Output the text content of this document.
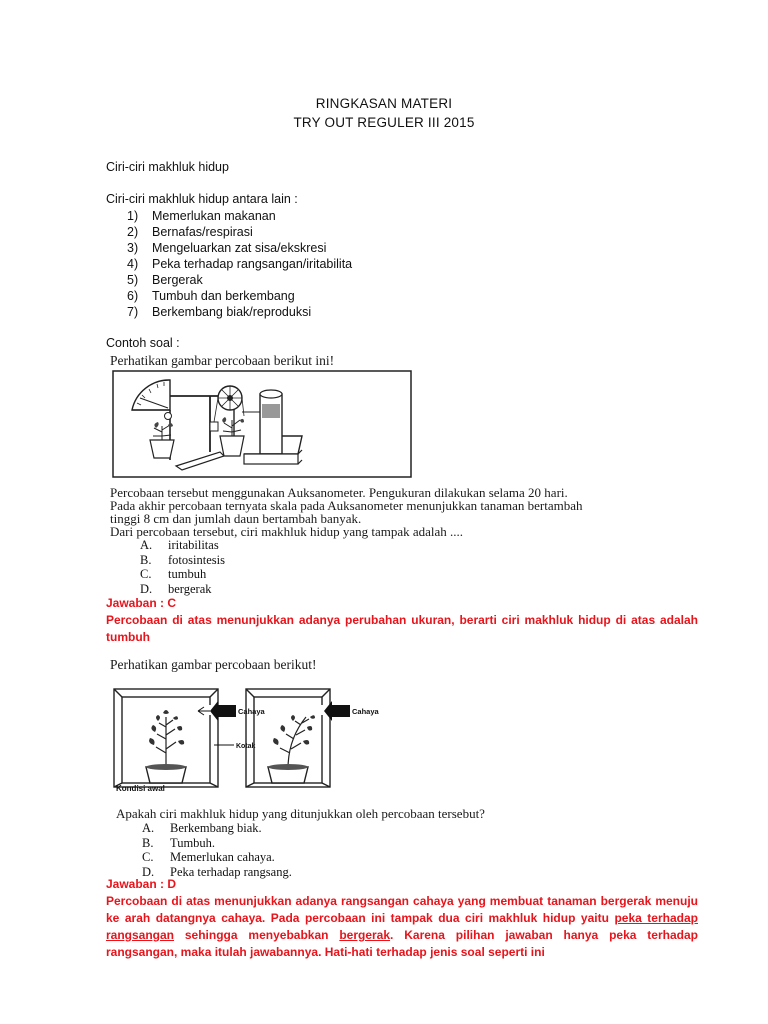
RINGKASAN MATERI
TRY OUT REGULER III 2015
Ciri-ciri makhluk hidup
Ciri-ciri makhluk hidup antara lain :
1) Memerlukan makanan
2) Bernafas/respirasi
3) Mengeluarkan zat sisa/ekskresi
4) Peka terhadap rangsangan/iritabilita
5) Bergerak
6) Tumbuh dan berkembang
7) Berkembang biak/reproduksi
Contoh soal :
Perhatikan gambar percobaan berikut ini!
Percobaan tersebut menggunakan Auksanometer. Pengukuran dilakukan selama 20 hari.
Pada akhir percobaan ternyata skala pada Auksanometer menunjukkan tanaman bertambah
tinggi 8 cm dan jumlah daun bertambah banyak.
Dari percobaan tersebut, ciri makhluk hidup yang tampak adalah ....
A. iritabilitas
B. fotosintesis
C. tumbuh
D. bergerak
Jawaban : C
Percobaan di atas menunjukkan adanya perubahan ukuran, berarti ciri makhluk hidup di atas adalah tumbuh
Perhatikan gambar percobaan berikut!
Cahaya
Kotak
Kondisi awal
Cahaya
Apakah ciri makhluk hidup yang ditunjukkan oleh percobaan tersebut?
A. Berkembang biak.
B. Tumbuh.
C. Memerlukan cahaya.
D. Peka terhadap rangsang.
Jawaban : D
Percobaan di atas menunjukkan adanya rangsangan cahaya yang membuat tanaman bergerak menuju ke arah datangnya cahaya. Pada percobaan ini tampak dua ciri makhluk hidup yaitu peka terhadap rangsangan sehingga menyebabkan bergerak. Karena pilihan jawaban hanya peka terhadap rangsangan, maka itulah jawabannya. Hati-hati terhadap jenis soal seperti ini
